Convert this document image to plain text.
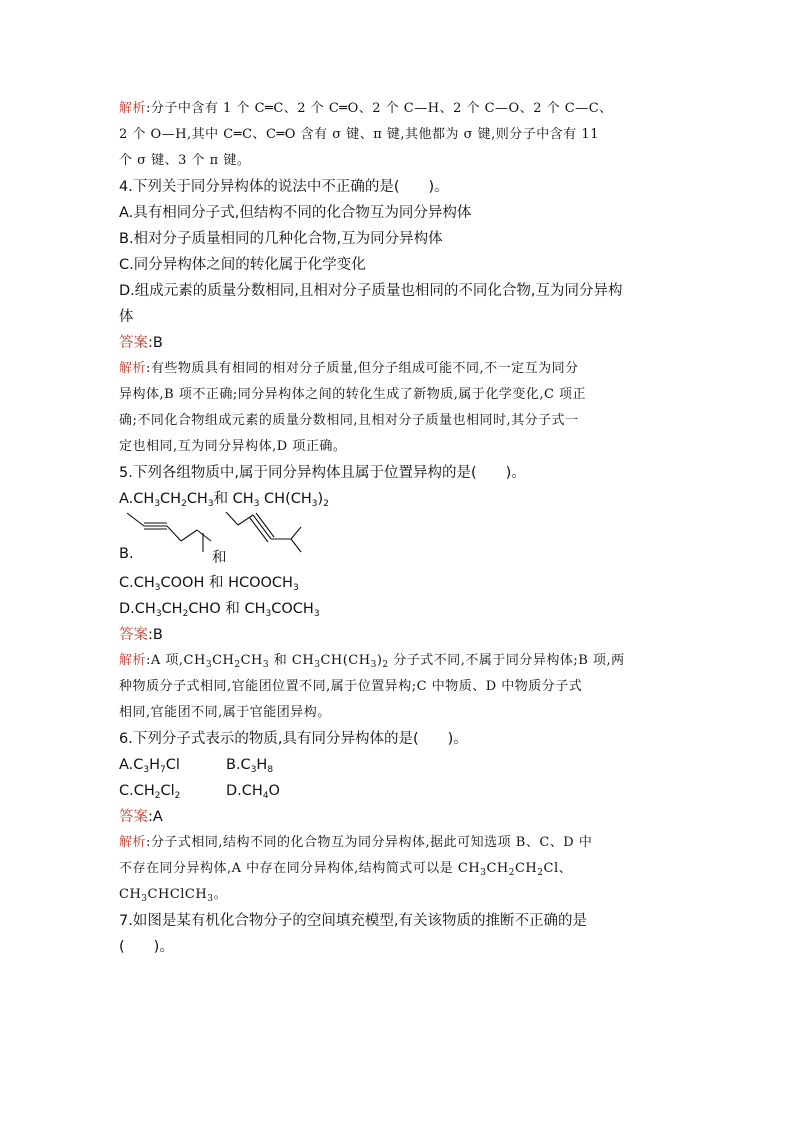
解析:分子中含有 1 个 C═C、2 个 C═O、2 个 C—H、2 个 C—O、2 个 C—C、
2 个 O—H,其中 C═C、C═O 含有 σ 键、π 键,其他都为 σ 键,则分子中含有 11
个 σ 键、3 个 π 键。
4.下列关于同分异构体的说法中不正确的是(　　)。
A.具有相同分子式,但结构不同的化合物互为同分异构体
B.相对分子质量相同的几种化合物,互为同分异构体
C.同分异构体之间的转化属于化学变化
D.组成元素的质量分数相同,且相对分子质量也相同的不同化合物,互为同分异构
体
答案:B
解析:有些物质具有相同的相对分子质量,但分子组成可能不同,不一定互为同分
异构体,B 项不正确;同分异构体之间的转化生成了新物质,属于化学变化,C 项正
确;不同化合物组成元素的质量分数相同,且相对分子质量也相同时,其分子式一
定也相同,互为同分异构体,D 项正确。
5.下列各组物质中,属于同分异构体且属于位置异构的是(　　)。
$A.CH_3CH_2CH_3$和 $CH_3$ $CH(CH_3)_2$
B.	和
$C.CH_3COOH$ 和 $HCOOCH_3$
$D.CH_3CH_2CHO$ 和 $CH_3COCH_3$
答案:B
解析:A 项$,CH_3CH_2CH_3$ 和 $CH_3CH(CH_3)_2$ 分子式不同,不属于同分异构体;B 项,两
种物质分子式相同,官能团位置不同,属于位置异构;C 中物质、D 中物质分子式
相同,官能团不同,属于官能团异构。
6.下列分子式表示的物质,具有同分异构体的是(　　)。
$A.C_3H_7Cl$	$B.C_3H_8$
$C.CH_2Cl_2$	$D.CH_4O$
答案:A
解析:分子式相同,结构不同的化合物互为同分异构体,据此可知选项 B、C、D 中
不存在同分异构体,A 中存在同分异构体,结构简式可以是 $CH_3CH_2CH_2Cl$、
$CH_3CHClCH_3$。
7.如图是某有机化合物分子的空间填充模型,有关该物质的推断不正确的是
(　　)。
